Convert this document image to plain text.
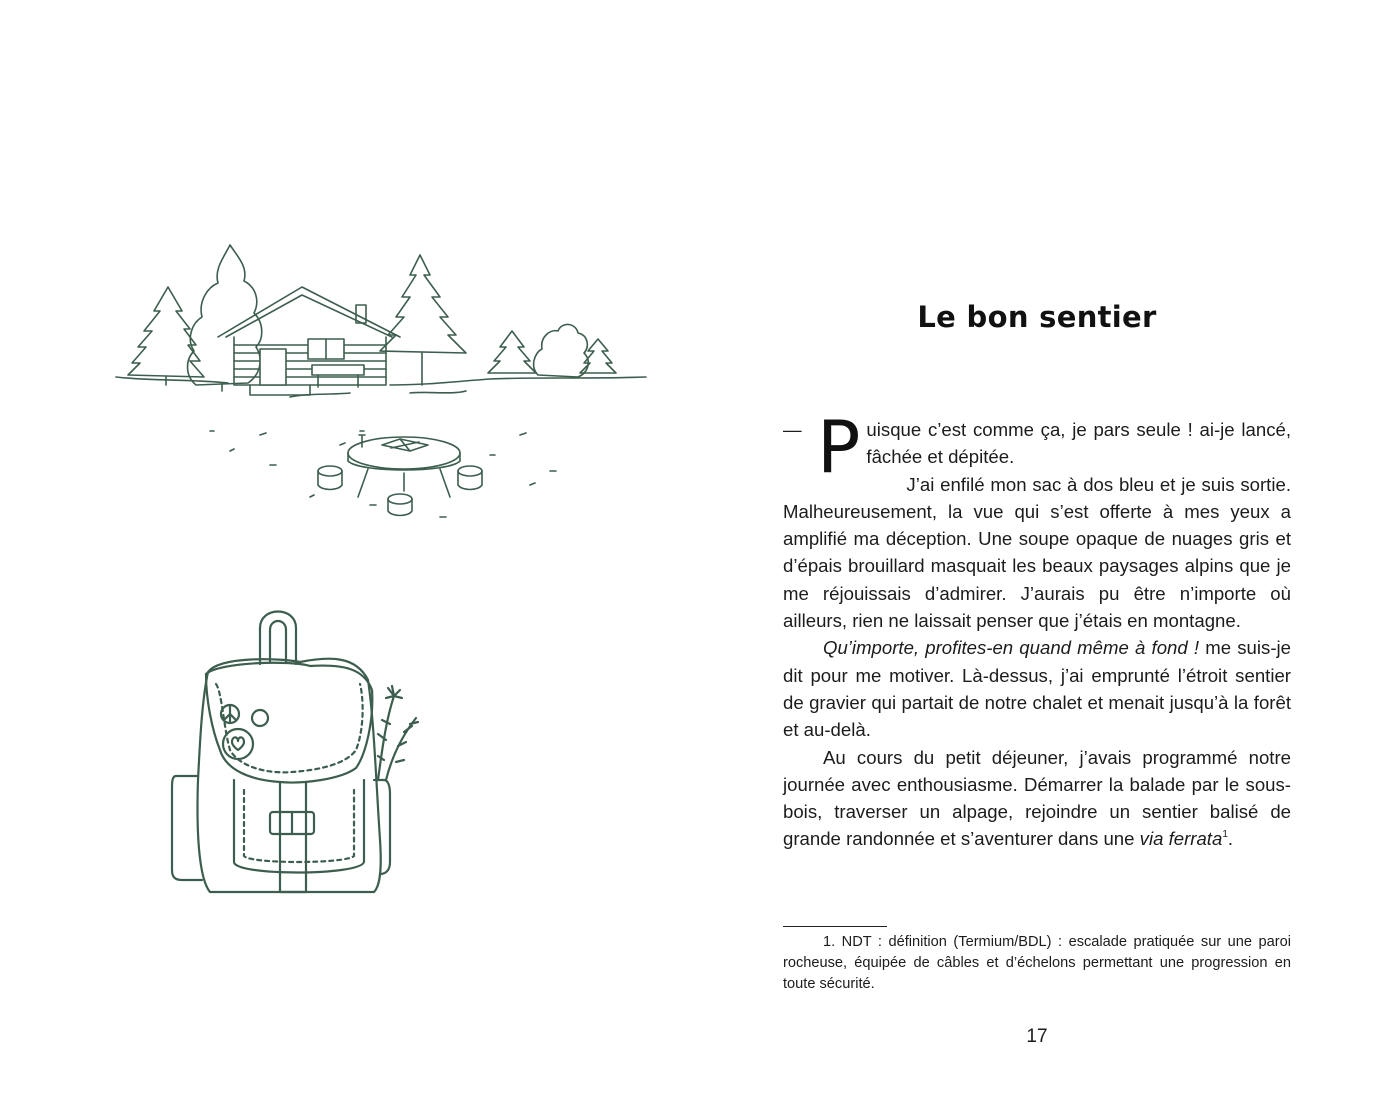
Le bon sentier

— P uisque c’est comme ça, je pars seule ! ai-je lancé, fâchée et dépitée.

J’ai enfilé mon sac à dos bleu et je suis sortie. Malheureusement, la vue qui s’est offerte à mes yeux a amplifié ma déception. Une soupe opaque de nuages gris et d’épais brouillard masquait les beaux paysages alpins que je me réjouissais d’admirer. J’aurais pu être n’importe où ailleurs, rien ne laissait penser que j’étais en montagne.

Qu’importe, profites-en quand même à fond ! me suis-je dit pour me motiver. Là-dessus, j’ai emprunté l’étroit sentier de gravier qui partait de notre chalet et menait jusqu’à la forêt et au-delà.

Au cours du petit déjeuner, j’avais programmé notre journée avec enthousiasme. Démarrer la balade par le sous-bois, traverser un alpage, rejoindre un sentier balisé de grande randonnée et s’aventurer dans une via ferrata$^1$.

1. NDT : définition (Termium/BDL) : escalade pratiquée sur une paroi rocheuse, équipée de câbles et d’échelons permettant une progression en toute sécurité.
17
